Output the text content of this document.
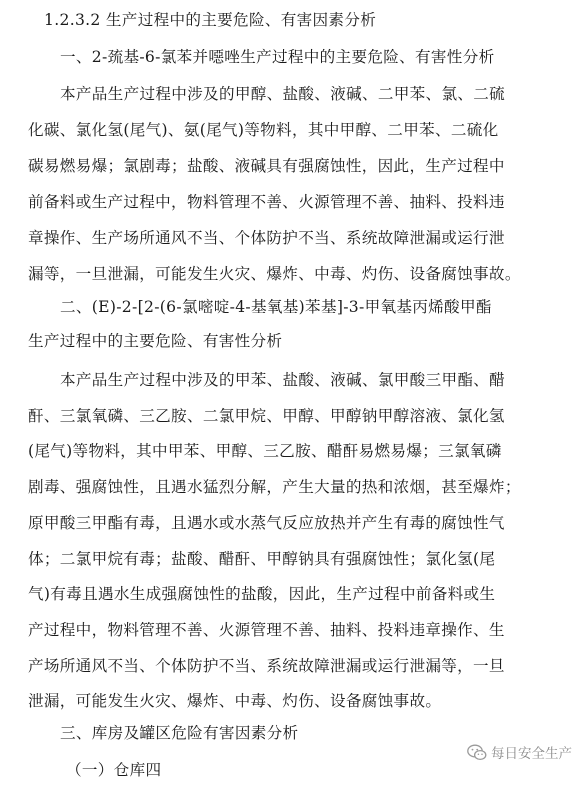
1.2.3.2 生产过程中的主要危险、有害因素分析
一、2-巯基-6-氯苯并噁唑生产过程中的主要危险、有害性分析
本产品生产过程中涉及的甲醇、盐酸、液碱、二甲苯、氯、二硫
化碳、氯化氢(尾气)、氨(尾气)等物料，其中甲醇、二甲苯、二硫化
碳易燃易爆；氯剧毒；盐酸、液碱具有强腐蚀性，因此，生产过程中
前备料或生产过程中，物料管理不善、火源管理不善、抽料、投料违
章操作、生产场所通风不当、个体防护不当、系统故障泄漏或运行泄
漏等，一旦泄漏，可能发生火灾、爆炸、中毒、灼伤、设备腐蚀事故。
二、(E)-2-[2-(6-氯嘧啶-4-基氧基)苯基]-3-甲氧基丙烯酸甲酯
生产过程中的主要危险、有害性分析
本产品生产过程中涉及的甲苯、盐酸、液碱、氯甲酸三甲酯、醋
酐、三氯氧磷、三乙胺、二氯甲烷、甲醇、甲醇钠甲醇溶液、氯化氢
(尾气)等物料，其中甲苯、甲醇、三乙胺、醋酐易燃易爆；三氯氧磷
剧毒、强腐蚀性，且遇水猛烈分解，产生大量的热和浓烟，甚至爆炸；
原甲酸三甲酯有毒，且遇水或水蒸气反应放热并产生有毒的腐蚀性气
体；二氯甲烷有毒；盐酸、醋酐、甲醇钠具有强腐蚀性；氯化氢(尾
气)有毒且遇水生成强腐蚀性的盐酸，因此，生产过程中前备料或生
产过程中，物料管理不善、火源管理不善、抽料、投料违章操作、生
产场所通风不当、个体防护不当、系统故障泄漏或运行泄漏等，一旦
泄漏，可能发生火灾、爆炸、中毒、灼伤、设备腐蚀事故。
三、库房及罐区危险有害因素分析
（一）仓库四
每日安全生产
